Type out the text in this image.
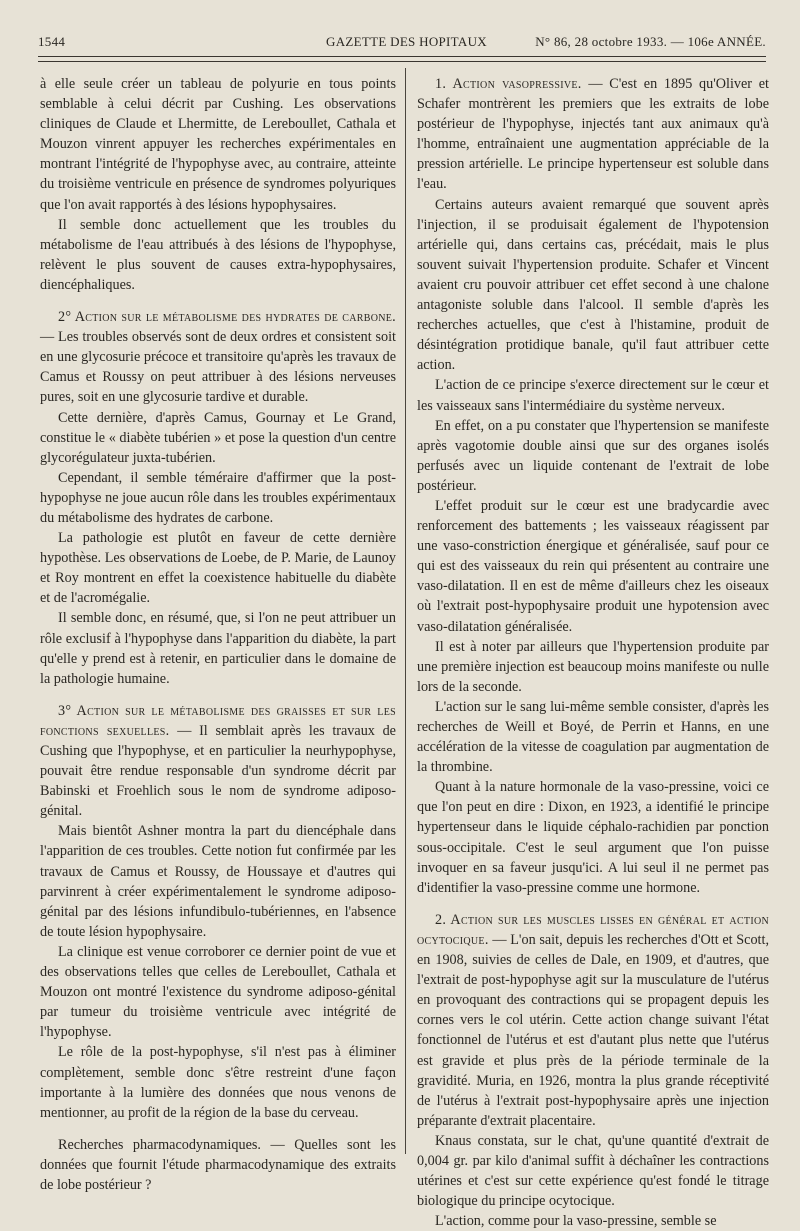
1544	GAZETTE DES HOPITAUX	N° 86, 28 octobre 1933. — 106e ANNÉE.

à elle seule créer un tableau de polyurie en tous points semblable à celui décrit par Cushing. Les observations cliniques de Claude et Lhermitte, de Lereboullet, Cathala et Mouzon vinrent appuyer les recherches expérimentales en montrant l'intégrité de l'hypophyse avec, au contraire, atteinte du troisième ventricule en présence de syndromes polyuriques que l'on avait rapportés à des lésions hypophysaires.

Il semble donc actuellement que les troubles du métabolisme de l'eau attribués à des lésions de l'hypophyse, relèvent le plus souvent de causes extra-hypophysaires, diencéphaliques.

2° Action sur le métabolisme des hydrates de carbone. — Les troubles observés sont de deux ordres et consistent soit en une glycosurie précoce et transitoire qu'après les travaux de Camus et Roussy on peut attribuer à des lésions nerveuses pures, soit en une glycosurie tardive et durable.

Cette dernière, d'après Camus, Gournay et Le Grand, constitue le « diabète tubérien » et pose la question d'un centre glycorégulateur juxta-tubérien.

Cependant, il semble téméraire d'affirmer que la post-hypophyse ne joue aucun rôle dans les troubles expérimentaux du métabolisme des hydrates de carbone.

La pathologie est plutôt en faveur de cette dernière hypothèse. Les observations de Loebe, de P. Marie, de Launoy et Roy montrent en effet la coexistence habituelle du diabète et de l'acromégalie.

Il semble donc, en résumé, que, si l'on ne peut attribuer un rôle exclusif à l'hypophyse dans l'apparition du diabète, la part qu'elle y prend est à retenir, en particulier dans le domaine de la pathologie humaine.

3° Action sur le métabolisme des graisses et sur les fonctions sexuelles. — Il semblait après les travaux de Cushing que l'hypophyse, et en particulier la neurhypophyse, pouvait être rendue responsable d'un syndrome décrit par Babinski et Froehlich sous le nom de syndrome adiposo-génital.

Mais bientôt Ashner montra la part du diencéphale dans l'apparition de ces troubles. Cette notion fut confirmée par les travaux de Camus et Roussy, de Houssaye et d'autres qui parvinrent à créer expérimentalement le syndrome adiposo-génital par des lésions infundibulo-tubériennes, en l'absence de toute lésion hypophysaire.

La clinique est venue corroborer ce dernier point de vue et des observations telles que celles de Lereboullet, Cathala et Mouzon ont montré l'existence du syndrome adiposo-génital par tumeur du troisième ventricule avec intégrité de l'hypophyse.

Le rôle de la post-hypophyse, s'il n'est pas à éliminer complètement, semble donc s'être restreint d'une façon importante à la lumière des données que nous venons de mentionner, au profit de la région de la base du cerveau.

Recherches pharmacodynamiques. — Quelles sont les données que fournit l'étude pharmacodynamique des extraits de lobe postérieur ?

1. Action vasopressive. — C'est en 1895 qu'Oliver et Schafer montrèrent les premiers que les extraits de lobe postérieur de l'hypophyse, injectés tant aux animaux qu'à l'homme, entraînaient une augmentation appréciable de la pression artérielle. Le principe hypertenseur est soluble dans l'eau.

Certains auteurs avaient remarqué que souvent après l'injection, il se produisait également de l'hypotension artérielle qui, dans certains cas, précédait, mais le plus souvent suivait l'hypertension produite. Schafer et Vincent avaient cru pouvoir attribuer cet effet second à une chalone antagoniste soluble dans l'alcool. Il semble d'après les recherches actuelles, que c'est à l'histamine, produit de désintégration protidique banale, qu'il faut attribuer cette action.

L'action de ce principe s'exerce directement sur le cœur et les vaisseaux sans l'intermédiaire du système nerveux.

En effet, on a pu constater que l'hypertension se manifeste après vagotomie double ainsi que sur des organes isolés perfusés avec un liquide contenant de l'extrait de lobe postérieur.

L'effet produit sur le cœur est une bradycardie avec renforcement des battements ; les vaisseaux réagissent par une vaso-constriction énergique et généralisée, sauf pour ce qui est des vaisseaux du rein qui présentent au contraire une vaso-dilatation. Il en est de même d'ailleurs chez les oiseaux où l'extrait post-hypophysaire produit une hypotension avec vaso-dilatation généralisée.

Il est à noter par ailleurs que l'hypertension produite par une première injection est beaucoup moins manifeste ou nulle lors de la seconde.

L'action sur le sang lui-même semble consister, d'après les recherches de Weill et Boyé, de Perrin et Hanns, en une accélération de la vitesse de coagulation par augmentation de la thrombine.

Quant à la nature hormonale de la vaso-pressine, voici ce que l'on peut en dire : Dixon, en 1923, a identifié le principe hypertenseur dans le liquide céphalo-rachidien par ponction sous-occipitale. C'est le seul argument que l'on puisse invoquer en sa faveur jusqu'ici. A lui seul il ne permet pas d'identifier la vaso-pressine comme une hormone.

2. Action sur les muscles lisses en général et action ocytocique. — L'on sait, depuis les recherches d'Ott et Scott, en 1908, suivies de celles de Dale, en 1909, et d'autres, que l'extrait de post-hypophyse agit sur la musculature de l'utérus en provoquant des contractions qui se propagent depuis les cornes vers le col utérin. Cette action change suivant l'état fonctionnel de l'utérus et est d'autant plus nette que l'utérus est gravide et plus près de la période terminale de la gravidité. Muria, en 1926, montra la plus grande réceptivité de l'utérus à l'extrait post-hypophysaire après une injection préparante d'extrait placentaire.

Knaus constata, sur le chat, qu'une quantité d'extrait de 0,004 gr. par kilo d'animal suffit à déchaîner les contractions utérines et c'est sur cette expérience qu'est fondé le titrage biologique du principe ocytocique.

L'action, comme pour la vaso-pressine, semble se
